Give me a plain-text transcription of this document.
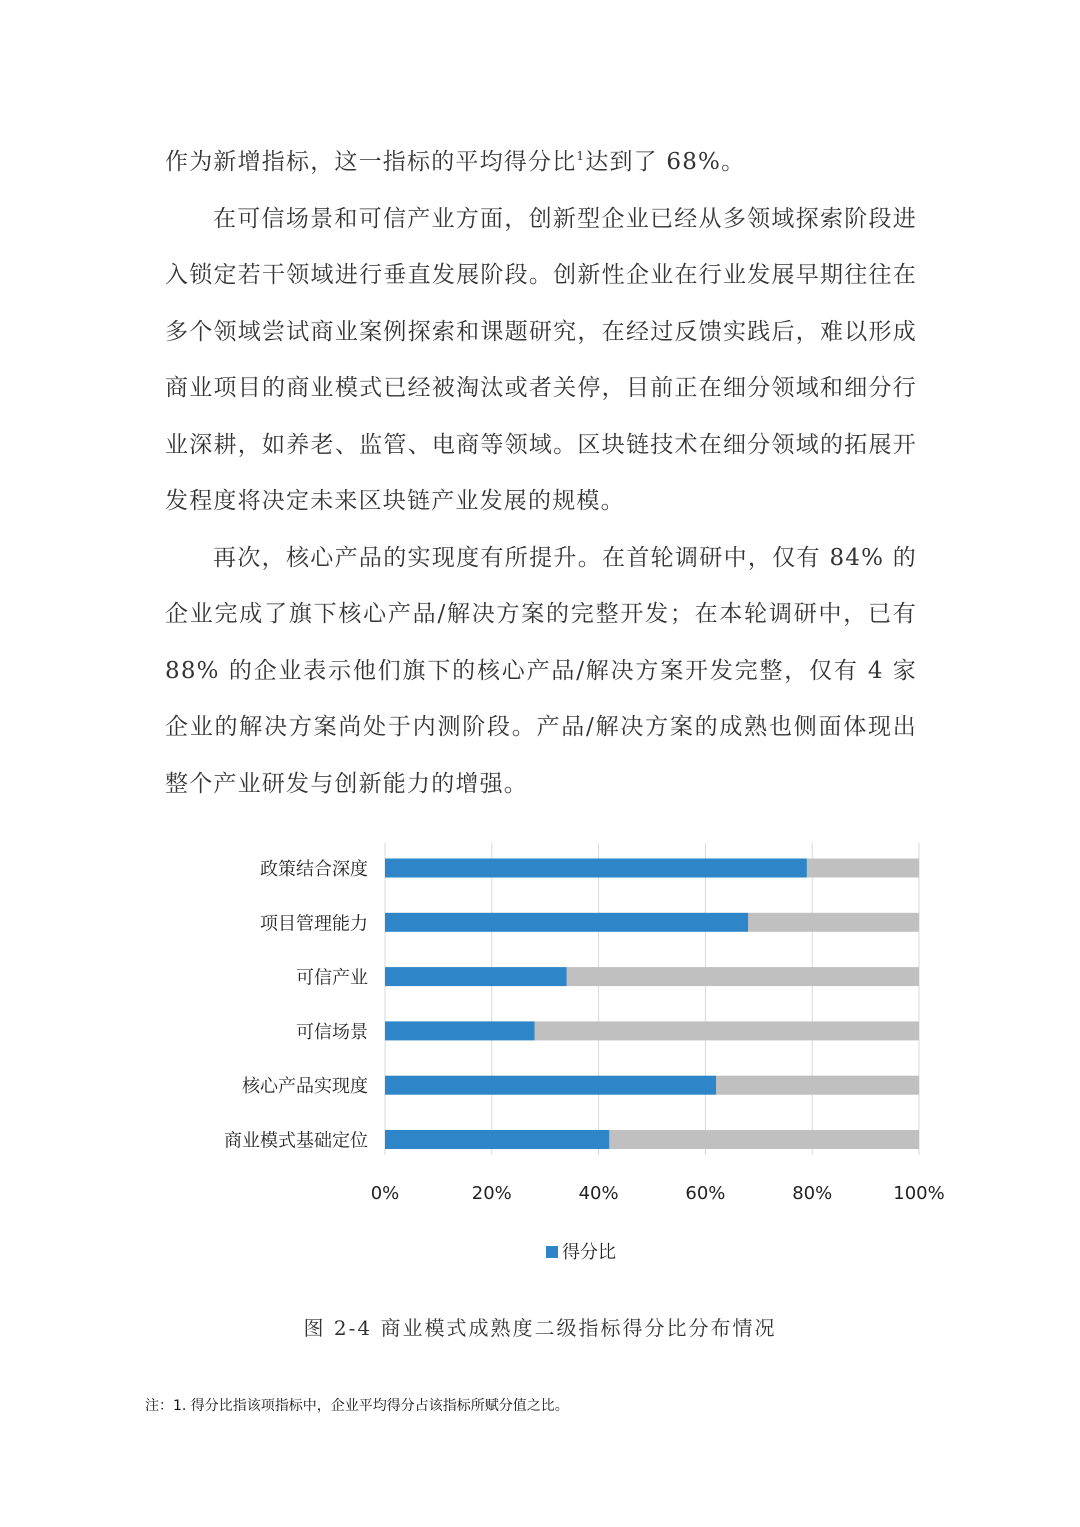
作为新增指标，这一指标的平均得分比$^1$达到了 68%。

在可信场景和可信产业方面，创新型企业已经从多领域探索阶段进入锁定若干领域进行垂直发展阶段。创新性企业在行业发展早期往往在多个领域尝试商业案例探索和课题研究，在经过反馈实践后，难以形成商业项目的商业模式已经被淘汰或者关停，目前正在细分领域和细分行业深耕，如养老、监管、电商等领域。区块链技术在细分领域的拓展开发程度将决定未来区块链产业发展的规模。

再次，核心产品的实现度有所提升。在首轮调研中，仅有 84% 的企业完成了旗下核心产品/解决方案的完整开发；在本轮调研中，已有 88% 的企业表示他们旗下的核心产品/解决方案开发完整，仅有 4 家企业的解决方案尚处于内测阶段。产品/解决方案的成熟也侧面体现出整个产业研发与创新能力的增强。

政策结合深度
项目管理能力
可信产业
可信场景
核心产品实现度
商业模式基础定位
0%	20%	40%	60%	80%	100%
得分比
图 2-4 商业模式成熟度二级指标得分比分布情况
注：1. 得分比指该项指标中，企业平均得分占该指标所赋分值之比。
